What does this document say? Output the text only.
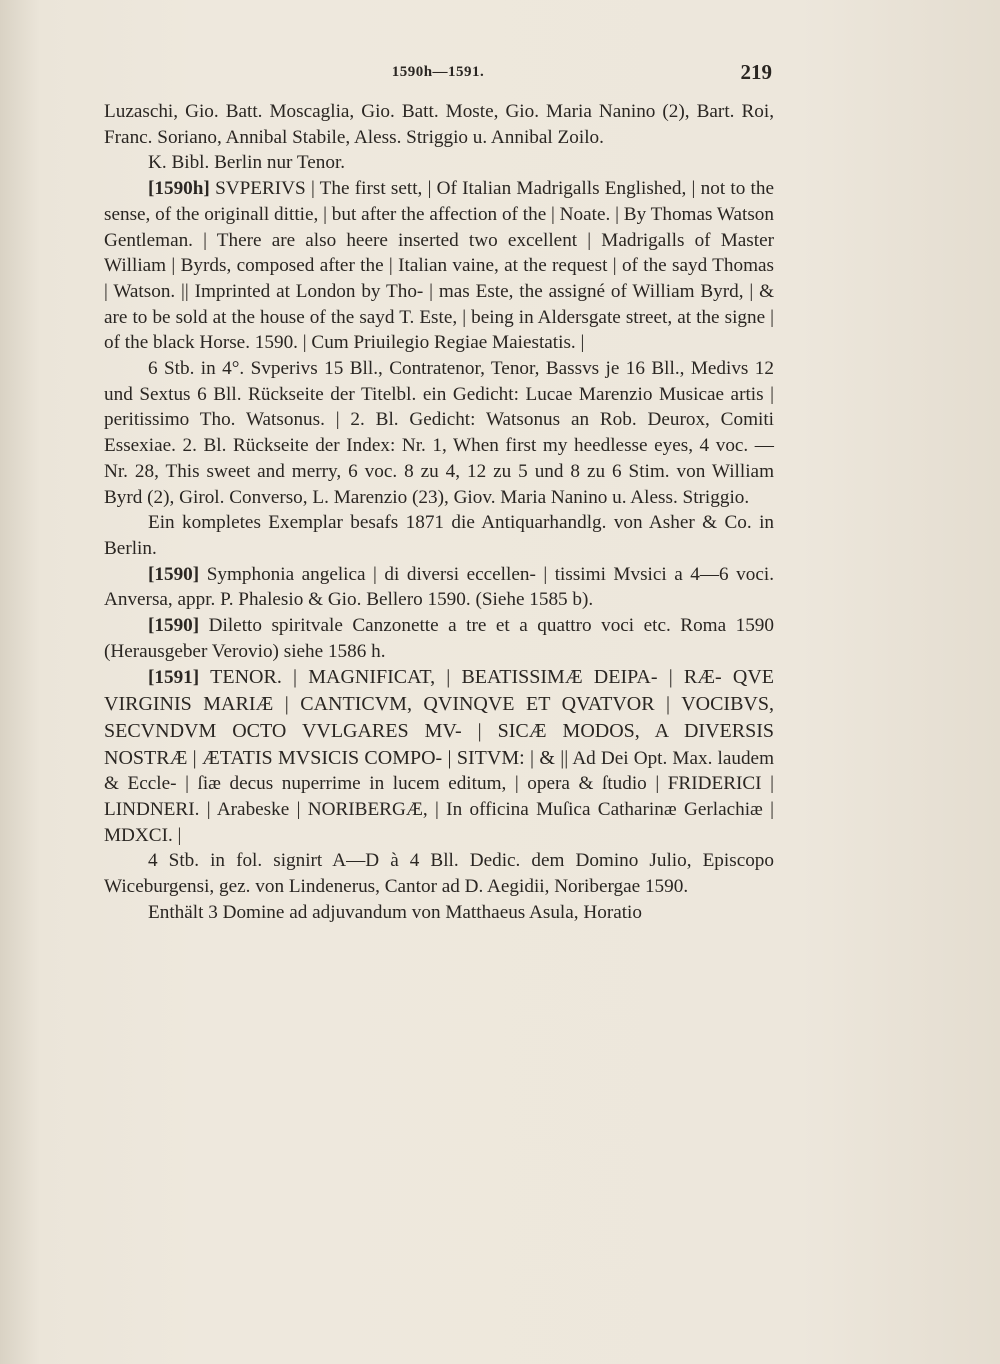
1590h—1591.	219

Luzaschi, Gio. Batt. Moscaglia, Gio. Batt. Moste, Gio. Maria Nanino (2), Bart. Roi, Franc. Soriano, Annibal Stabile, Aless. Striggio u. Annibal Zoilo.

K. Bibl. Berlin nur Tenor.

[1590h] SVPERIVS | The first sett, | Of Italian Madrigalls Englished, | not to the sense, of the originall dittie, | but after the affection of the | Noate. | By Thomas Watson Gentleman. | There are also heere inserted two excellent | Madrigalls of Master William | Byrds, composed after the | Italian vaine, at the request | of the sayd Thomas | Watson. || Imprinted at London by Tho- | mas Este, the assigné of William Byrd, | & are to be sold at the house of the sayd T. Este, | being in Aldersgate street, at the signe | of the black Horse. 1590. | Cum Priuilegio Regiae Maiestatis. |

6 Stb. in 4°. Svperivs 15 Bll., Contratenor, Tenor, Bassvs je 16 Bll., Medivs 12 und Sextus 6 Bll. Rückseite der Titelbl. ein Gedicht: Lucae Marenzio Musicae artis | peritissimo Tho. Watsonus. | 2. Bl. Gedicht: Watsonus an Rob. Deurox, Comiti Essexiae. 2. Bl. Rückseite der Index: Nr. 1, When first my heedlesse eyes, 4 voc. — Nr. 28, This sweet and merry, 6 voc. 8 zu 4, 12 zu 5 und 8 zu 6 Stim. von William Byrd (2), Girol. Converso, L. Marenzio (23), Giov. Maria Nanino u. Aless. Striggio.

Ein kompletes Exemplar besafs 1871 die Antiquarhandlg. von Asher & Co. in Berlin.

[1590] Symphonia angelica | di diversi eccellen- | tissimi Mvsici a 4—6 voci. Anversa, appr. P. Phalesio & Gio. Bellero 1590. (Siehe 1585 b).

[1590] Diletto spiritvale Canzonette a tre et a quattro voci etc. Roma 1590 (Herausgeber Verovio) siehe 1586 h.

[1591] TENOR. | MAGNIFICAT, | BEATISSIMÆ DEIPA- | RÆ- QVE VIRGINIS MARIÆ | CANTICVM, QVINQVE ET QVATVOR | VOCIBVS, SECVNDVM OCTO VVLGARES MV- | SICÆ MODOS, A DIVERSIS NOSTRÆ | ÆTATIS MVSICIS COMPO- | SITVM: | & || Ad Dei Opt. Max. laudem & Eccle- | ſiæ decus nuperrime in lucem editum, | opera & ſtudio | FRIDERICI | LINDNERI. | Arabeske | NORIBERGÆ, | In officina Muſica Catharinæ Gerlachiæ | MDXCI. |

4 Stb. in fol. signirt A—D à 4 Bll. Dedic. dem Domino Julio, Episcopo Wiceburgensi, gez. von Lindenerus, Cantor ad D. Aegidii, Noribergae 1590.

Enthält 3 Domine ad adjuvandum von Matthaeus Asula, Horatio
